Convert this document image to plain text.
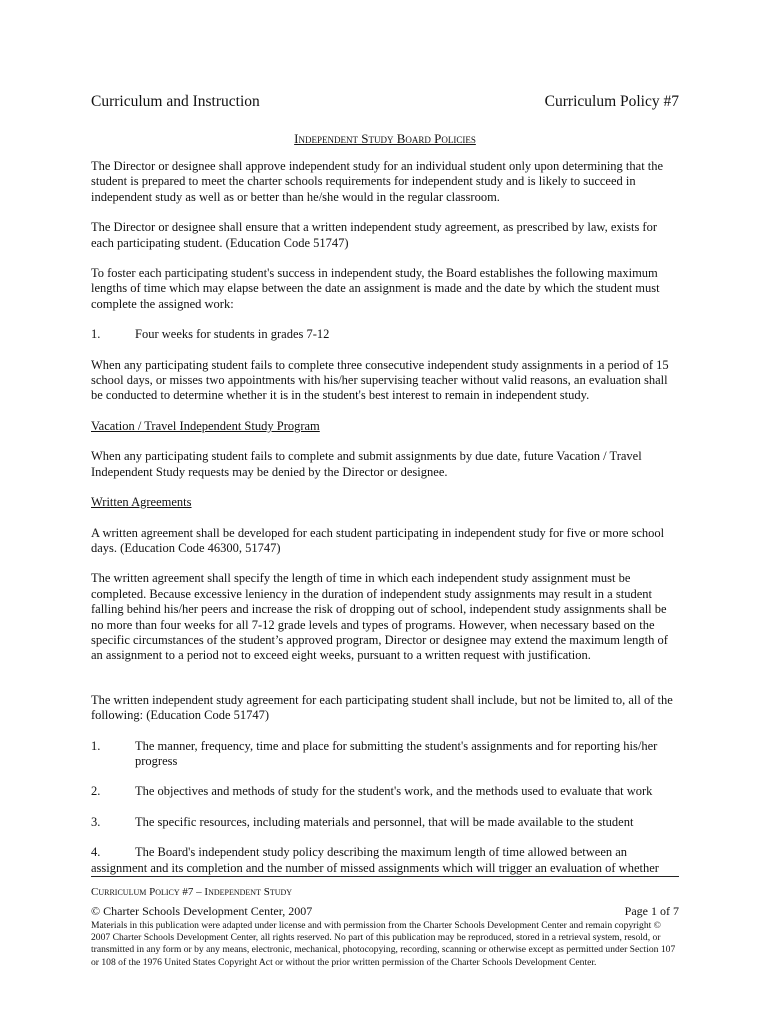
Curriculum and Instruction	Curriculum Policy #7
Independent Study Board Policies

The Director or designee shall approve independent study for an individual student only upon determining that the student is prepared to meet the charter schools requirements for independent study and is likely to succeed in independent study as well as or better than he/she would in the regular classroom.

The Director or designee shall ensure that a written independent study agreement, as prescribed by law, exists for each participating student. (Education Code 51747)

To foster each participating student's success in independent study, the Board establishes the following maximum lengths of time which may elapse between the date an assignment is made and the date by which the student must complete the assigned work:

1.	Four weeks for students in grades 7-12

When any participating student fails to complete three consecutive independent study assignments in a period of 15 school days, or misses two appointments with his/her supervising teacher without valid reasons, an evaluation shall be conducted to determine whether it is in the student's best interest to remain in independent study.

Vacation / Travel Independent Study Program

When any participating student fails to complete and submit assignments by due date, future Vacation / Travel Independent Study requests may be denied by the Director or designee.

Written Agreements

A written agreement shall be developed for each student participating in independent study for five or more school days. (Education Code 46300, 51747)

The written agreement shall specify the length of time in which each independent study assignment must be completed. Because excessive leniency in the duration of independent study assignments may result in a student falling behind his/her peers and increase the risk of dropping out of school, independent study assignments shall be no more than four weeks for all 7-12 grade levels and types of programs. However, when necessary based on the specific circumstances of the student’s approved program, Director or designee may extend the maximum length of an assignment to a period not to exceed eight weeks, pursuant to a written request with justification.

The written independent study agreement for each participating student shall include, but not be limited to, all of the following: (Education Code 51747)

1.	The manner, frequency, time and place for submitting the student's assignments and for reporting his/her progress
2.	The objectives and methods of study for the student's work, and the methods used to evaluate that work
3.	The specific resources, including materials and personnel, that will be made available to the student

4.	The Board's independent study policy describing the maximum length of time allowed between an assignment and its completion and the number of missed assignments which will trigger an evaluation of whether

Curriculum Policy #7 – Independent Study
© Charter Schools Development Center, 2007	Page 1 of 7
Materials in this publication were adapted under license and with permission from the Charter Schools Development Center and remain copyright © 2007 Charter Schools Development Center, all rights reserved. No part of this publication may be reproduced, stored in a retrieval system, resold, or transmitted in any form or by any means, electronic, mechanical, photocopying, recording, scanning or otherwise except as permitted under Section 107 or 108 of the 1976 United States Copyright Act or without the prior written permission of the Charter Schools Development Center.
